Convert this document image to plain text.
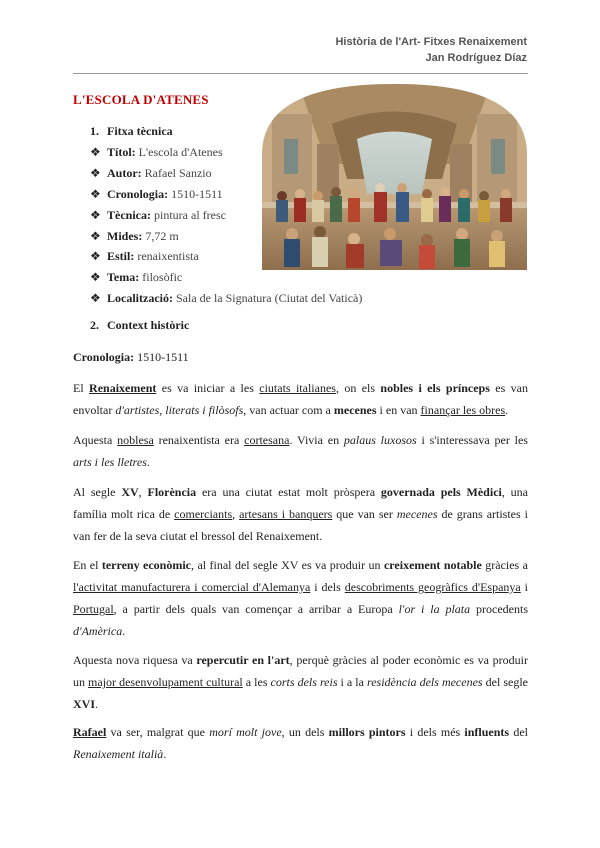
Història de l'Art- Fitxes Renaixement
Jan Rodríguez Díaz
L'ESCOLA D'ATENES
1. Fitxa tècnica
❖ Títol: L'escola d'Atenes
❖ Autor: Rafael Sanzio
❖ Cronologia: 1510-1511
❖ Tècnica: pintura al fresc
❖ Mides: 7,72 m
❖ Estil: renaixentista
❖ Tema: filosòfic
❖ Localització: Sala de la Signatura (Ciutat del Vaticà)
2. Context històric
Cronologia: 1510-1511
El Renaixement es va iniciar a les ciutats italianes, on els nobles i els prínceps es van envoltar d'artistes, literats i filòsofs, van actuar com a mecenes i en van finançar les obres.
Aquesta noblesa renaixentista era cortesana. Vivia en palaus luxosos i s'interessava per les arts i les lletres.
Al segle XV, Florència era una ciutat estat molt pròspera governada pels Mèdici, una família molt rica de comerciants, artesans i banquers que van ser mecenes de grans artistes i van fer de la seva ciutat el bressol del Renaixement.
En el terreny econòmic, al final del segle XV es va produir un creixement notable gràcies a l'activitat manufacturera i comercial d'Alemanya i dels descobriments geogràfics d'Espanya i Portugal, a partir dels quals van començar a arribar a Europa l'or i la plata procedents d'Amèrica.
Aquesta nova riquesa va repercutir en l'art, perquè gràcies al poder econòmic es va produir un major desenvolupament cultural a les corts dels reis i a la residència dels mecenes del segle XVI.
Rafael va ser, malgrat que morí molt jove, un dels millors pintors i dels més influents del Renaixement italià.
